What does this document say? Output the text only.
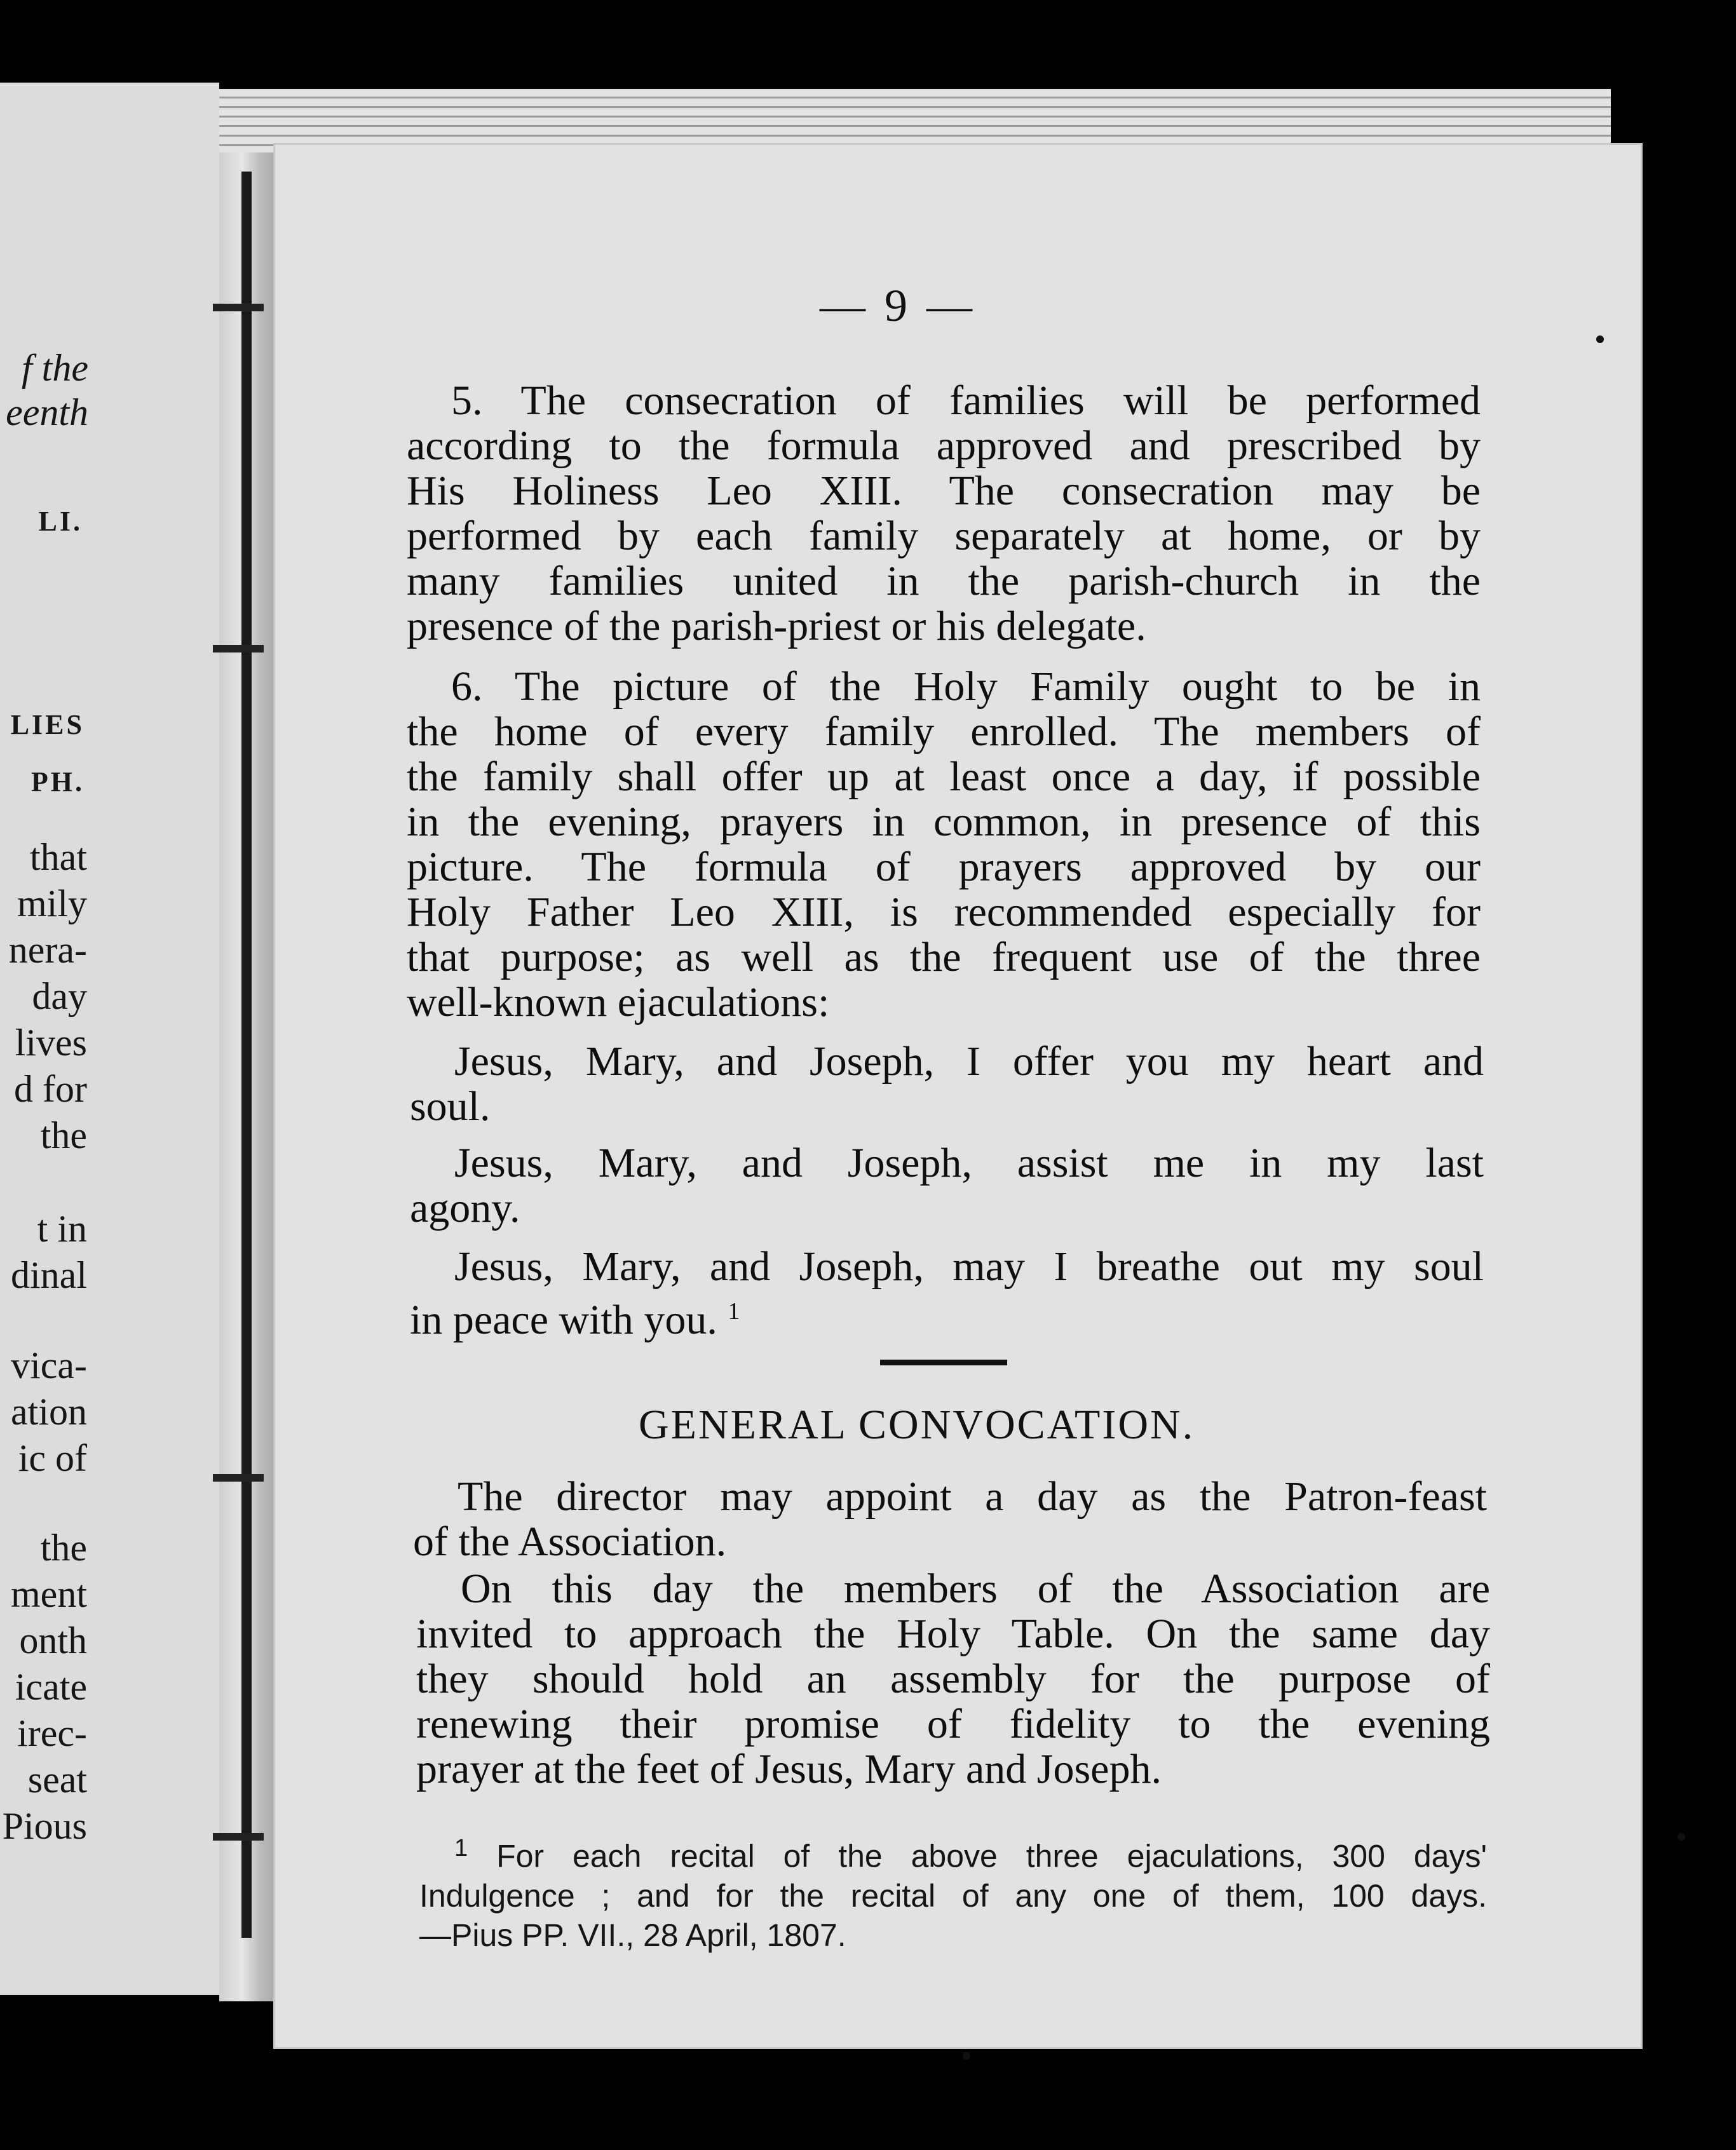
f the
eenth
LI.
LIES
PH.
that
mily
nera-
day
lives
d for
the
t in
dinal
vica-
ation
ic of
the
ment
onth
icate
irec-
seat
Pious
— 9 —
5. The consecration of families will be performed
according to the formula approved and prescribed by
His Holiness Leo XIII. The consecration may be
performed by each family separately at home, or by
many families united in the parish-church in the
presence of the parish-priest or his delegate.
6. The picture of the Holy Family ought to be in
the home of every family enrolled. The members of
the family shall offer up at least once a day, if possible
in the evening, prayers in common, in presence of this
picture. The formula of prayers approved by our
Holy Father Leo XIII, is recommended especially for
that purpose; as well as the frequent use of the three
well-known ejaculations:
Jesus, Mary, and Joseph, I offer you my heart and
soul.
Jesus, Mary, and Joseph, assist me in my last
agony.
Jesus, Mary, and Joseph, may I breathe out my soul
in peace with you. $^1$
GENERAL CONVOCATION.
The director may appoint a day as the Patron-feast
of the Association.
On this day the members of the Association are
invited to approach the Holy Table. On the same day
they should hold an assembly for the purpose of
renewing their promise of fidelity to the evening
prayer at the feet of Jesus, Mary and Joseph.
$^1$ For each recital of the above three ejaculations, 300 days'
Indulgence ; and for the recital of any one of them, 100 days.
—Pius PP. VII., 28 April, 1807.
